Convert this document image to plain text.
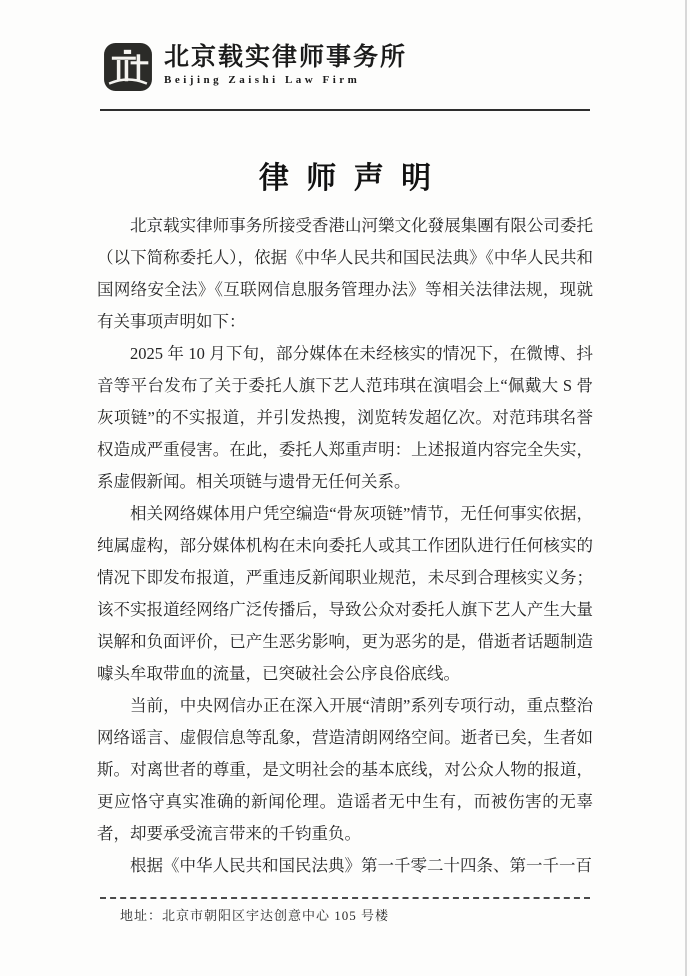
北京载实律师事务所
Beijing Zaishi Law Firm
律师声明

北京载实律师事务所接受香港山河樂文化發展集團有限公司委托（以下简称委托人），依据《中华人民共和国民法典》《中华人民共和国网络安全法》《互联网信息服务管理办法》等相关法律法规，现就有关事项声明如下：

2025 年 10 月下旬，部分媒体在未经核实的情况下，在微博、抖音等平台发布了关于委托人旗下艺人范玮琪在演唱会上“佩戴大 S 骨灰项链”的不实报道，并引发热搜，浏览转发超亿次。对范玮琪名誉权造成严重侵害。在此，委托人郑重声明：上述报道内容完全失实，系虚假新闻。相关项链与遗骨无任何关系。

相关网络媒体用户凭空编造“骨灰项链”情节，无任何事实依据，纯属虚构，部分媒体机构在未向委托人或其工作团队进行任何核实的情况下即发布报道，严重违反新闻职业规范，未尽到合理核实义务；该不实报道经网络广泛传播后，导致公众对委托人旗下艺人产生大量误解和负面评价，已产生恶劣影响，更为恶劣的是，借逝者话题制造噱头牟取带血的流量，已突破社会公序良俗底线。

当前，中央网信办正在深入开展“清朗”系列专项行动，重点整治网络谣言、虚假信息等乱象，营造清朗网络空间。逝者已矣，生者如斯。对离世者的尊重，是文明社会的基本底线，对公众人物的报道，更应恪守真实准确的新闻伦理。造谣者无中生有，而被伤害的无辜者，却要承受流言带来的千钧重负。

根据《中华人民共和国民法典》第一千零二十四条、第一千一百

地址：北京市朝阳区宇达创意中心 105 号楼
